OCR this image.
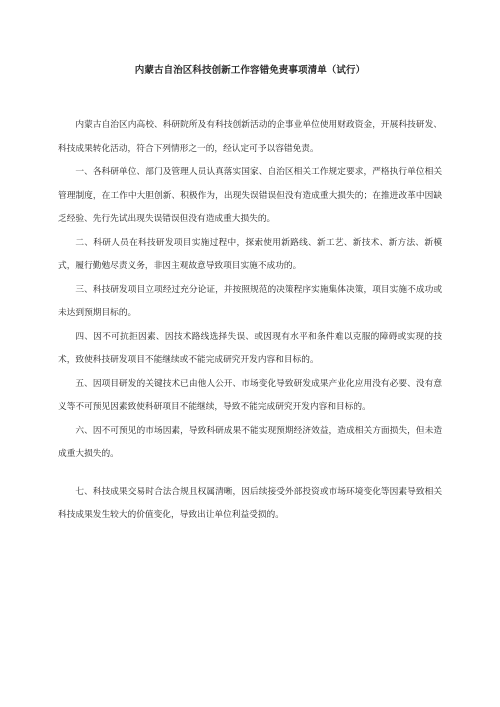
内蒙古自治区科技创新工作容错免责事项清单（试行）

内蒙古自治区内高校、科研院所及有科技创新活动的企事业单位使用财政资金，开展科技研发、科技成果转化活动，符合下列情形之一的，经认定可予以容错免责。

一、各科研单位、部门及管理人员认真落实国家、自治区相关工作规定要求，严格执行单位相关管理制度，在工作中大胆创新、积极作为，出现失误错误但没有造成重大损失的；在推进改革中因缺乏经验、先行先试出现失误错误但没有造成重大损失的。

二、科研人员在科技研发项目实施过程中，探索使用新路线、新工艺、新技术、新方法、新模式，履行勤勉尽责义务，非因主观故意导致项目实施不成功的。

三、科技研发项目立项经过充分论证，并按照规范的决策程序实施集体决策，项目实施不成功或未达到预期目标的。

四、因不可抗拒因素、因技术路线选择失误、或因现有水平和条件难以克服的障碍或实现的技术，致使科技研发项目不能继续或不能完成研究开发内容和目标的。

五、因项目研发的关键技术已由他人公开、市场变化导致研发成果产业化应用没有必要、没有意义等不可预见因素致使科研项目不能继续，导致不能完成研究开发内容和目标的。

六、因不可预见的市场因素，导致科研成果不能实现预期经济效益，造成相关方面损失，但未造成重大损失的。

七、科技成果交易时合法合规且权属清晰，因后续接受外部投资或市场环境变化等因素导致相关科技成果发生较大的价值变化，导致出让单位利益受损的。
